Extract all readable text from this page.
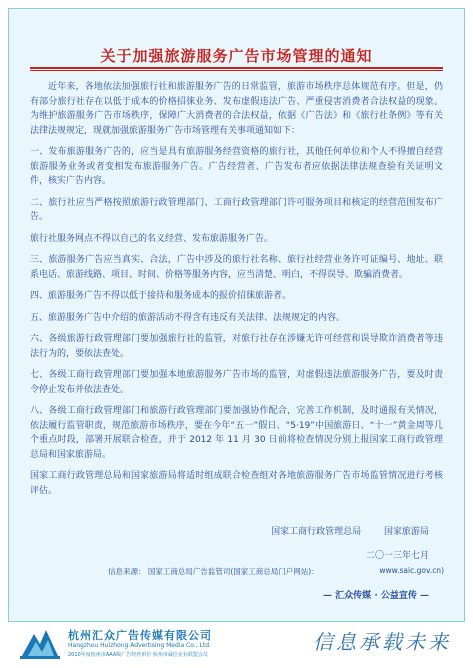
关于加强旅游服务广告市场管理的通知

近年来，各地依法加强旅行社和旅游服务广告的日常监管，旅游市场秩序总体规范有序。但是，仍有部分旅行社存在以低于成本的价格招徕业务、发布虚假违法广告、严重侵害消费者合法权益的现象。为维护旅游服务广告市场秩序，保障广大消费者的合法权益，依据《广告法》和《旅行社条例》等有关法律法规规定，现就加强旅游服务广告市场管理有关事项通知如下：

一、发布旅游服务广告的，应当是具有旅游服务经营资格的旅行社，其他任何单位和个人不得擅自经营旅游服务业务或者变相发布旅游服务广告。广告经营者、广告发布者应依据法律法规查验有关证明文件，核实广告内容。

二、旅行社应当严格按照旅游行政管理部门、工商行政管理部门许可服务项目和核定的经营范围发布广告。

旅行社服务网点不得以自己的名义经营、发布旅游服务广告。

三、旅游服务广告应当真实、合法，广告中涉及的旅行社名称、旅行社经营业务许可证编号、地址、联系电话、旅游线路、项目、时间、价格等服务内容，应当清楚、明白，不得误导、欺骗消费者。

四、旅游服务广告不得以低于接待和服务成本的报价招徕旅游者。

五、旅游服务广告中介绍的旅游活动不得含有违反有关法律、法规规定的内容。

六、各级旅游行政管理部门要加强旅行社的监管，对旅行社存在涉嫌无许可经营和误导欺诈消费者等违法行为的，要依法查处。

七、各级工商行政管理部门要加强本地旅游服务广告市场的监管，对虚假违法旅游服务广告，要及时责令停止发布并依法查处。

八、各级工商行政管理部门和旅游行政管理部门要加强协作配合，完善工作机制，及时通报有关情况，依法履行监管职责，规范旅游市场秩序，要在今年“五一”假日、“5·19”中国旅游日、“十一”黄金周等几个重点时段，部署开展联合检查，并于 2012 年 11 月 30 日前将检查情况分别上报国家工商行政管理总局和国家旅游局。

国家工商行政管理总局和国家旅游局将适时组成联合检查组对各地旅游服务广告市场监管情况进行考核评估。

国家工商行政管理总局	国家旅游局
二〇一三年七月
信息来源： 国家工商总局广告监管司(国家工商总局门户网站)：	www.saic.gov.cn)
— 汇众传媒 · 公益宣传 —
杭州汇众广告传媒有限公司
Hangzhou Huizhong Advertising Media Co., Ltd.
2010年度杭州市AAA级广告经营单位 杭州市诚信企业联盟会员
信息承载未来
